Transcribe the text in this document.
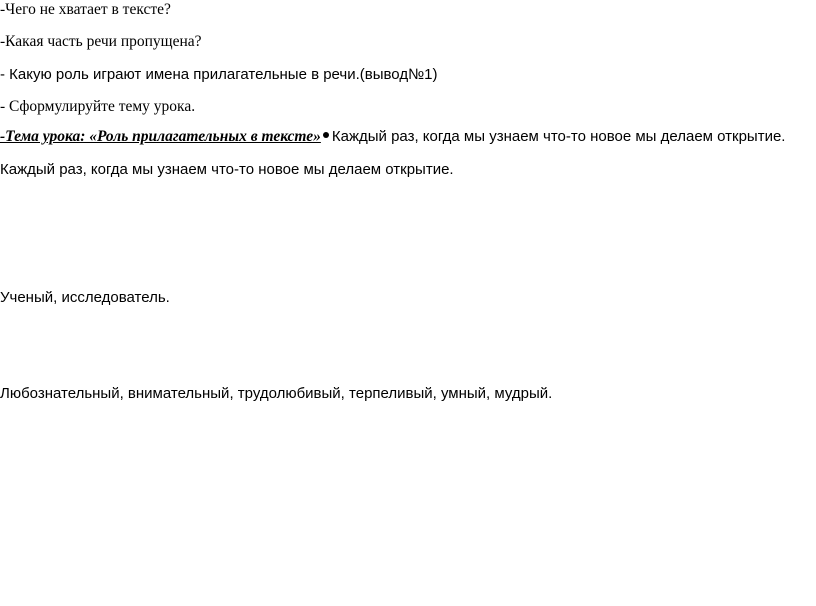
-Чего не хватает в тексте?
-Какая часть речи пропущена?
- Какую роль играют имена прилагательные в речи.(вывод№1)
- Сформулируйте тему урока.
-Тема урока: «Роль прилагательных в тексте» Каждый раз, когда мы узнаем что-то новое мы делаем открытие.
Каждый раз, когда мы узнаем что-то новое мы делаем открытие.
Ученый, исследователь.
Любознательный, внимательный, трудолюбивый, терпеливый, умный, мудрый.
